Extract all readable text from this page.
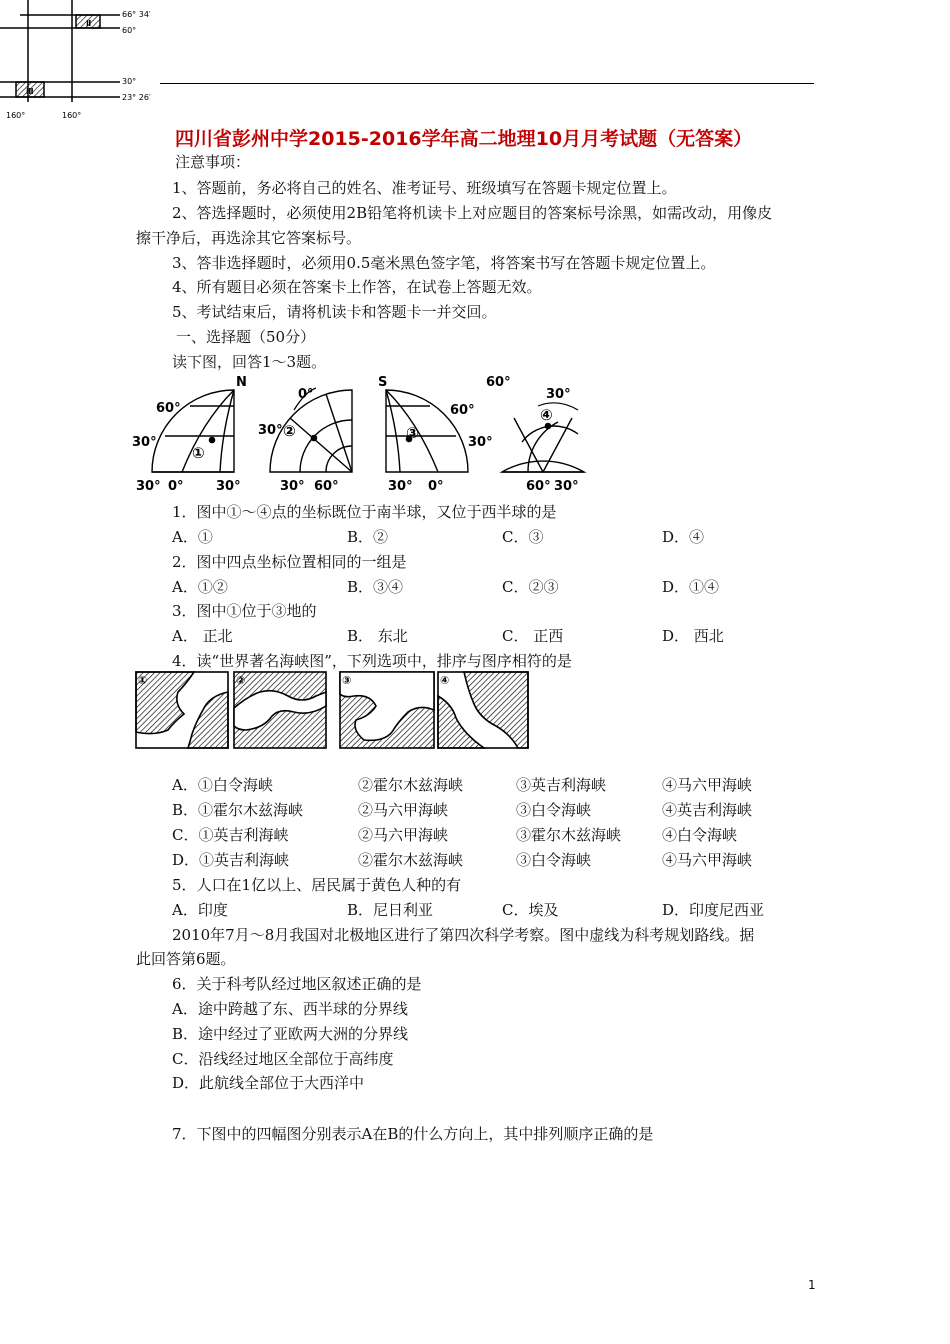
66° 34′
60°
30°
23° 26′
160°	160°
Ⅱ
Ⅲ
四川省彭州中学2015-2016学年高二地理10月月考试题（无答案）
注意事项：
1、答题前，务必将自己的姓名、准考证号、班级填写在答题卡规定位置上。
2、答选择题时，必须使用2B铅笔将机读卡上对应题目的答案标号涂黑，如需改动，用像皮
擦干净后，再选涂其它答案标号。
3、答非选择题时，必须用0.5毫米黑色签字笔，将答案书写在答题卡规定位置上。
4、所有题目必须在答案卡上作答，在试卷上答题无效。
5、考试结束后，请将机读卡和答题卡一并交回。
一、选择题（50分）
读下图，回答1～3题。
N
60°
30°
30° 0° 30°
①
30°
0°
30° 60°
②
S
60°
30°
30° 0°
③
60°
30°
60° 30°
④
1．图中①～④点的坐标既位于南半球，又位于西半球的是
A．①	B．②	C．③	D．④
2．图中四点坐标位置相同的一组是
A．①②	B．③④	C．②③	D．①④
3．图中①位于③地的
A． 正北	B． 东北	C． 正西	D． 西北
4．读“世界著名海峡图”，下列选项中，排序与图序相符的是
①	②	③	④
A．①白令海峡	②霍尔木兹海峡	③英吉利海峡	④马六甲海峡
B．①霍尔木兹海峡	②马六甲海峡	③白令海峡	④英吉利海峡
C．①英吉利海峡	②马六甲海峡	③霍尔木兹海峡	④白令海峡
D．①英吉利海峡	②霍尔木兹海峡	③白令海峡	④马六甲海峡
5．人口在1亿以上、居民属于黄色人种的有
A．印度	B．尼日利亚	C．埃及	D．印度尼西亚
2010年7月～8月我国对北极地区进行了第四次科学考察。图中虚线为科考规划路线。据
此回答第6题。
6．关于科考队经过地区叙述正确的是
A．途中跨越了东、西半球的分界线
B．途中经过了亚欧两大洲的分界线
C．沿线经过地区全部位于高纬度
D．此航线全部位于大西洋中
7．下图中的四幅图分别表示A在B的什么方向上，其中排列顺序正确的是
1
